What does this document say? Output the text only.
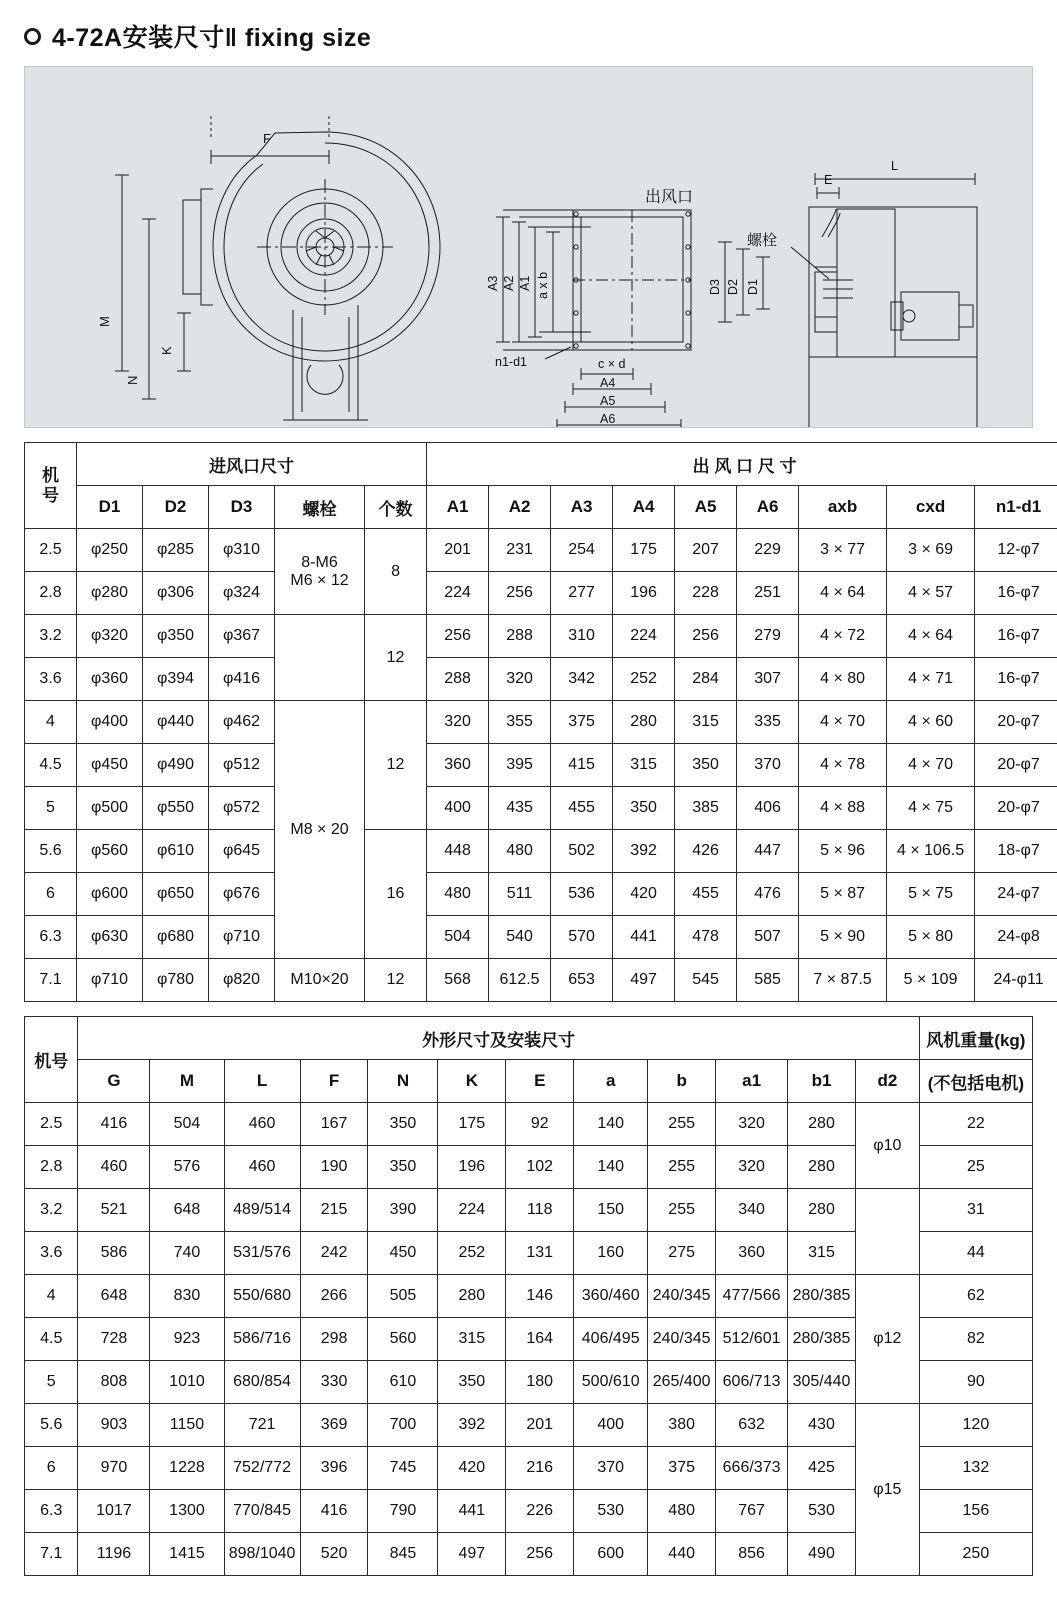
4-72A安装尺寸‖ fixing size
F
M
N
K
出风口
A3 A2 A1 a x b
n1-d1	c × d
A4
A5
A6
螺栓
D3 D2 D1
E
L
机
号	进风口尺寸					出 风 口 尺 寸								
	D1	D2	D3	螺栓	个数	A1	A2	A3	A4	A5	A6	axb	cxd	n1-d1
2.5	φ250	φ285	φ310	8-M6
M6 × 12	8	201	231	254	175	207	229	3 × 77	3 × 69	12-φ7
2.8	φ280	φ306	φ324			224	256	277	196	228	251	4 × 64	4 × 57	16-φ7
3.2	φ320	φ350	φ367		12	256	288	310	224	256	279	4 × 72	4 × 64	16-φ7
3.6	φ360	φ394	φ416			288	320	342	252	284	307	4 × 80	4 × 71	16-φ7
4	φ400	φ440	φ462	M8 × 20	12	320	355	375	280	315	335	4 × 70	4 × 60	20-φ7
4.5	φ450	φ490	φ512			360	395	415	315	350	370	4 × 78	4 × 70	20-φ7
5	φ500	φ550	φ572			400	435	455	350	385	406	4 × 88	4 × 75	20-φ7
5.6	φ560	φ610	φ645		16	448	480	502	392	426	447	5 × 96	4 × 106.5	18-φ7
6	φ600	φ650	φ676			480	511	536	420	455	476	5 × 87	5 × 75	24-φ7
6.3	φ630	φ680	φ710			504	540	570	441	478	507	5 × 90	5 × 80	24-φ8
7.1	φ710	φ780	φ820	M10×20	12	568	612.5	653	497	545	585	7 × 87.5	5 × 109	24-φ11
机号	外形尺寸及安装尺寸												风机重量(kg)
	G	M	L	F	N	K	E	a	b	a1	b1	d2	(不包括电机)
2.5	416	504	460	167	350	175	92	140	255	320	280	φ10	22
2.8	460	576	460	190	350	196	102	140	255	320	280		25
3.2	521	648	489/514	215	390	224	118	150	255	340	280		31
3.6	586	740	531/576	242	450	252	131	160	275	360	315		44
4	648	830	550/680	266	505	280	146	360/460	240/345	477/566	280/385	φ12	62
4.5	728	923	586/716	298	560	315	164	406/495	240/345	512/601	280/385		82
5	808	1010	680/854	330	610	350	180	500/610	265/400	606/713	305/440		90
5.6	903	1150	721	369	700	392	201	400	380	632	430	φ15	120
6	970	1228	752/772	396	745	420	216	370	375	666/373	425		132
6.3	1017	1300	770/845	416	790	441	226	530	480	767	530		156
7.1	1196	1415	898/1040	520	845	497	256	600	440	856	490		250
